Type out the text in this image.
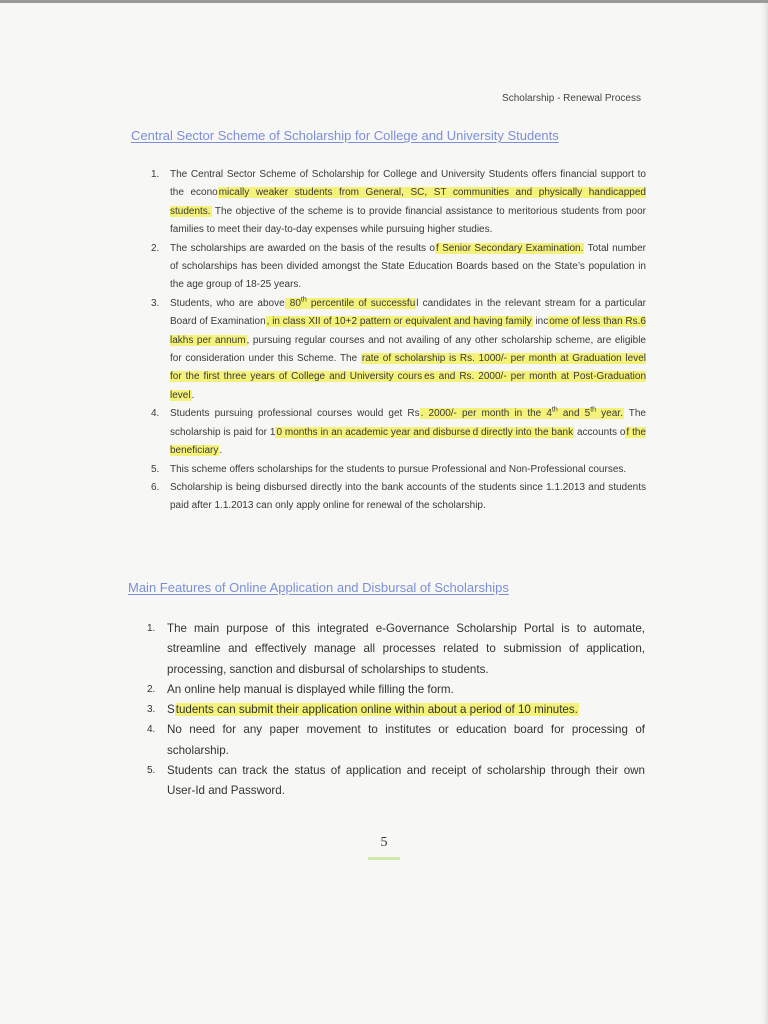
Scholarship - Renewal Process
Central Sector Scheme of Scholarship for College and University Students
1. The Central Sector Scheme of Scholarship for College and University Students offers financial support to the economically weaker students from General, SC, ST communities and physically handicapped students. The objective of the scheme is to provide financial assistance to meritorious students from poor families to meet their day-to-day expenses while pursuing higher studies.
2. The scholarships are awarded on the basis of the results of Senior Secondary Examination. Total number of scholarships has been divided amongst the State Education Boards based on the State’s population in the age group of 18-25 years.
3. Students, who are above 80th percentile of successful candidates in the relevant stream for a particular Board of Examination, in class XII of 10+2 pattern or equivalent and having family income of less than Rs.6 lakhs per annum, pursuing regular courses and not availing of any other scholarship scheme, are eligible for consideration under this Scheme. The rate of scholarship is Rs. 1000/- per month at Graduation level for the first three years of College and University cours es and Rs. 2000/- per month at Post-Graduation level.
4. Students pursuing professional courses would get Rs. 2000/- per month in the 4th and 5th year. The scholarship is paid for 10 months in an academic year and disburse d directly into the bank accounts of the beneficiary.
5. This scheme offers scholarships for the students to pursue Professional and Non-Professional courses.
6. Scholarship is being disbursed directly into the bank accounts of the students since 1.1.2013 and students paid after 1.1.2013 can only apply online for renewal of the scholarship.
Main Features of Online Application and Disbursal of Scholarships
1. The main purpose of this integrated e-Governance Scholarship Portal is to automate, streamline and effectively manage all processes related to submission of application, processing, sanction and disbursal of scholarships to students.
2. An online help manual is displayed while filling the form.
3. Students can submit their application online within about a period of 10 minutes.
4. No need for any paper movement to institutes or education board for processing of scholarship.
5. Students can track the status of application and receipt of scholarship through their own User-Id and Password.
5
